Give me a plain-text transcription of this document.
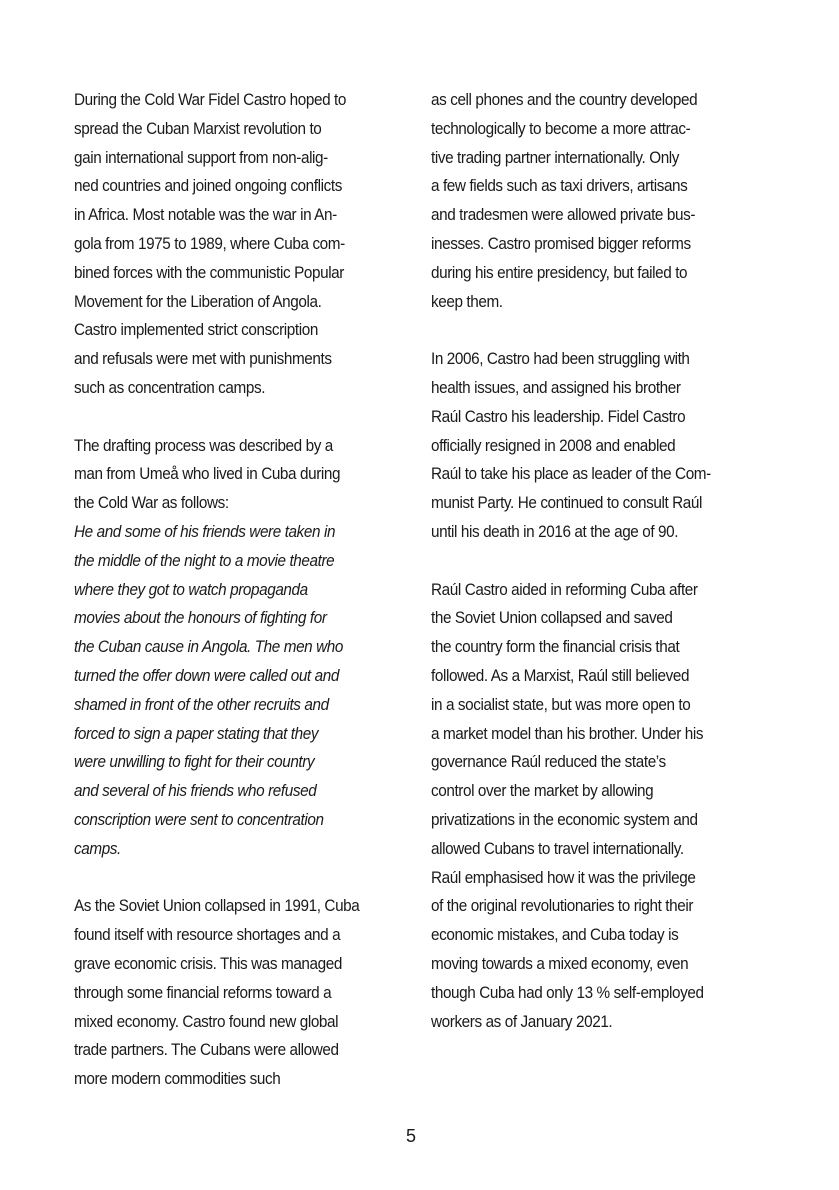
During the Cold War Fidel Castro hoped to
spread the Cuban Marxist revolution to
gain international support from non-alig-
ned countries and joined ongoing conflicts
in Africa. Most notable was the war in An-
gola from 1975 to 1989, where Cuba com-
bined forces with the communistic Popular
Movement for the Liberation of Angola.
Castro implemented strict conscription
and refusals were met with punishments
such as concentration camps.

The drafting process was described by a
man from Umeå who lived in Cuba during
the Cold War as follows:

He and some of his friends were taken in
the middle of the night to a movie theatre
where they got to watch propaganda
movies about the honours of fighting for
the Cuban cause in Angola. The men who
turned the offer down were called out and
shamed in front of the other recruits and
forced to sign a paper stating that they
were unwilling to fight for their country
and several of his friends who refused
conscription were sent to concentration
camps.

As the Soviet Union collapsed in 1991, Cuba
found itself with resource shortages and a
grave economic crisis. This was managed
through some financial reforms toward a
mixed economy. Castro found new global
trade partners. The Cubans were allowed
more modern commodities such

as cell phones and the country developed
technologically to become a more attrac-
tive trading partner internationally. Only
a few fields such as taxi drivers, artisans
and tradesmen were allowed private bus-
inesses. Castro promised bigger reforms
during his entire presidency, but failed to
keep them.

In 2006, Castro had been struggling with
health issues, and assigned his brother
Raúl Castro his leadership. Fidel Castro
officially resigned in 2008 and enabled
Raúl to take his place as leader of the Com-
munist Party. He continued to consult Raúl
until his death in 2016 at the age of 90.

Raúl Castro aided in reforming Cuba after
the Soviet Union collapsed and saved
the country form the financial crisis that
followed. As a Marxist, Raúl still believed
in a socialist state, but was more open to
a market model than his brother. Under his
governance Raúl reduced the state’s
control over the market by allowing
privatizations in the economic system and
allowed Cubans to travel internationally.
Raúl emphasised how it was the privilege
of the original revolutionaries to right their
economic mistakes, and Cuba today is
moving towards a mixed economy, even
though Cuba had only 13 % self-employed
workers as of January 2021.

5
